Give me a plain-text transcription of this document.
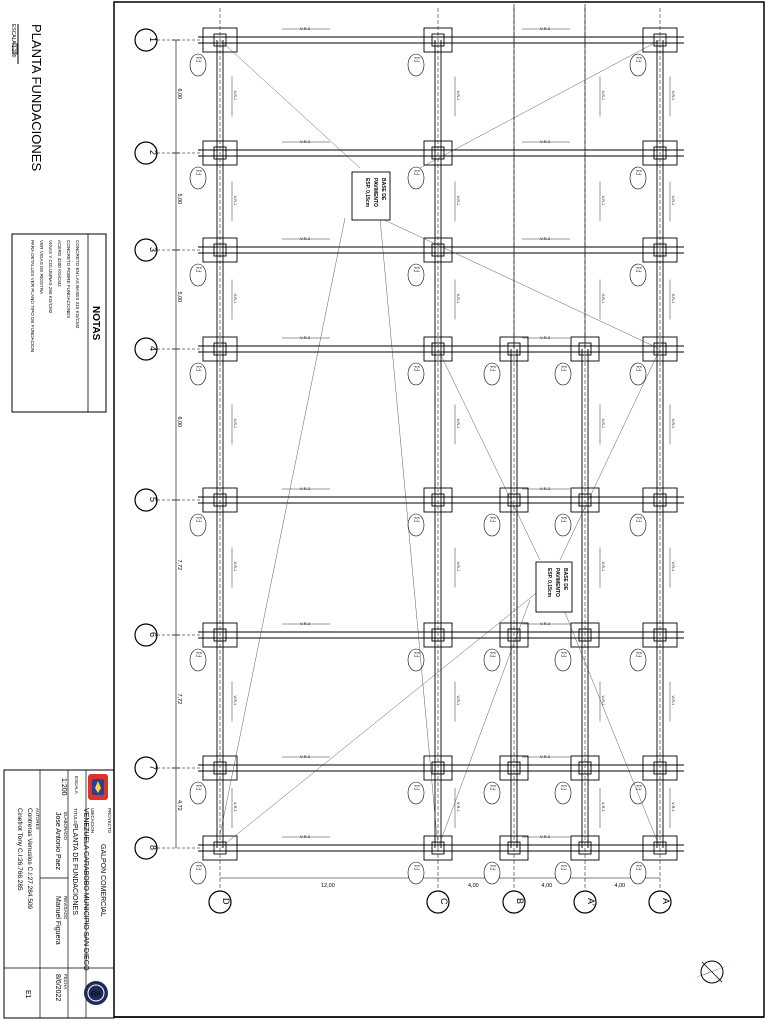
PLANTA FUNDACIONES
ESCALA 1:200
NOTAS
CONCRETO EN LAS BASES 210 KG/CM2
CONCRETO POBRE FUNDACIONES
ACERO 4200 KG/CM2
VIGAS Y COLUMNAS 250 KG/CM2
VER VIGAS DE RIOSTRA
PARA DETALLES VER PLANO TIPO DE FUNDACION
EM
PROYECTO
GALPON COMERCIAL
UBICACION
VENEZUELA CARABOBO MUNICIPIO SAN DIEGO
TITULO
PLANTA DE FUNDACIONES
ESCALA
1:200
ELABORADO
Jose Antonio Paez
REVISADO
Manuel Figuera
FECHA
8/6/2022
AUTORES
Contreras Venuslos C.I:27.284.509
Cinefrot Tony C.I:26.766.285
E1
1
2
3
4
5
6
7
8
6,00
5,00
5,00
6,00
7,72
7,72
4,72
D	C	B	A'	A
12,00	4,00	4,00	4,00
V-R-2	V-R-2
V-R-2	V-R-2
V-R-2	V-R-2
V-R-2	V-R-2
V-R-2	V-R-2
V-R-2	V-R-2
V-R-2	V-R-2
V-R-2	V-R-2
F-1
F-2	F-1
F-2	F-1
F-2
F-1
F-2	F-1
F-2	F-1
F-2
F-1
F-2	F-1
F-2	F-1
F-2
F-1
F-2	F-1
F-2	F-1
F-2	F-1
F-2	F-1
F-2
F-1
F-2	F-1
F-2	F-1
F-2	F-1
F-2	F-1
F-2
F-1
F-2	F-1
F-2	F-1
F-2	F-1
F-2	F-1
F-2
F-1
F-2	F-1
F-2	F-1
F-2	F-1
F-2	F-1
F-2
F-1
F-2	F-1
F-2	F-1
F-2	F-1
F-2	F-1
F-2
V-R-1	V-R-1	V-R-1	V-R-1
V-R-1	V-R-1	V-R-1	V-R-1
V-R-1	V-R-1	V-R-1	V-R-1
V-R-1	V-R-1	V-R-1	V-R-1
V-R-1	V-R-1	V-R-1	V-R-1
V-R-1	V-R-1	V-R-1	V-R-1
V-R-1	V-R-1	V-R-1	V-R-1
BASE DE
PAVIMENTO
ESP. 0,15cm
BASE DE
PAVIMENTO
ESP. 0,15cm
